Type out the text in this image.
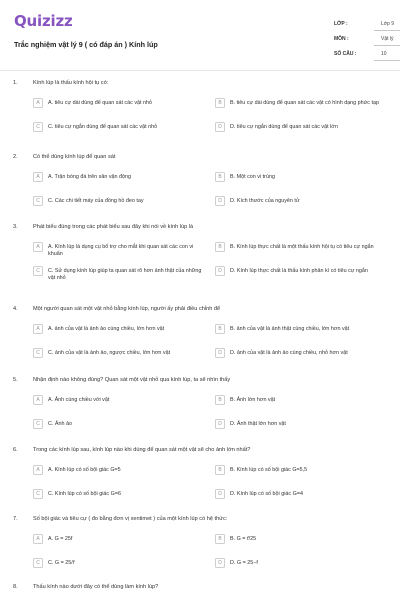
Quizizz
Trắc nghiệm vật lý 9 ( có đáp án ) Kính lúp
LỚP :	Lớp 9
MÔN :	Vật lý
SỐ CÂU :	10
1.	Kính lúp là thấu kính hội tụ có:
A	A. tiêu cự dài dùng để quan sát các vật nhỏ	B	B. tiêu cự dài dùng để quan sát các vật có hình dạng phức tạp
C	C. tiêu cự ngắn dùng để quan sát các vật nhỏ	D	D. tiêu cự ngắn dùng để quan sát các vật lớn
2.	Có thể dùng kính lúp để quan sát
A	A. Trận bóng đá trên sân vận động	B	B. Một con vi trùng
C	C. Các chi tiết máy của đồng hồ đeo tay	D	D. Kích thước của nguyên tử
3.	Phát biểu đúng trong các phát biểu sau đây khi nói về kính lúp là
A	A. Kính lúp là dụng cụ bổ trợ cho mắt khi quan sát các con vi khuẩn
B	B. Kính lúp thực chất là một thấu kính hội tụ có tiêu cự ngắn
C	C. Sử dụng kính lúp giúp ta quan sát rõ hơn ảnh thật của những vật nhỏ
D	D. Kính lúp thực chất là thấu kính phân kì có tiêu cự ngắn
4.	Một người quan sát một vật nhỏ bằng kính lúp, người ấy phải điều chỉnh để
A	A. ảnh của vật là ảnh ảo cùng chiều, lớn hơn vật	B	B. ảnh của vật là ảnh thật cùng chiều, lớn hơn vật
C	C. ảnh của vật là ảnh ảo, ngược chiều, lớn hơn vật	D	D. ảnh của vật là ảnh ảo cùng chiều, nhỏ hơn vật
5.	Nhận định nào không đúng? Quan sát một vật nhỏ qua kính lúp, ta sẽ nhìn thấy
A	A. Ảnh cùng chiều với vật	B	B. Ảnh lớn hơn vật
C	C. Ảnh ảo	D	D. Ảnh thật lớn hơn vật
6.	Trong các kính lúp sau, kính lúp nào khi dùng để quan sát một vật sẽ cho ảnh lớn nhất?
A	A. Kính lúp có số bội giác G=5	B	B. Kính lúp có số bội giác G=5,5
C	C. Kính lúp có số bội giác G=6	D	D. Kính lúp có số bội giác G=4
7.	Số bội giác và tiêu cự ( đo bằng đơn vị xentimet ) của một kính lúp có hệ thức:
A	A. G = 25f	B	B. G = 𝑓/25
C	C. G = 25/𝑓	D	D. G = 25−f
8.	Thấu kính nào dưới đây có thể dùng làm kính lúp?
